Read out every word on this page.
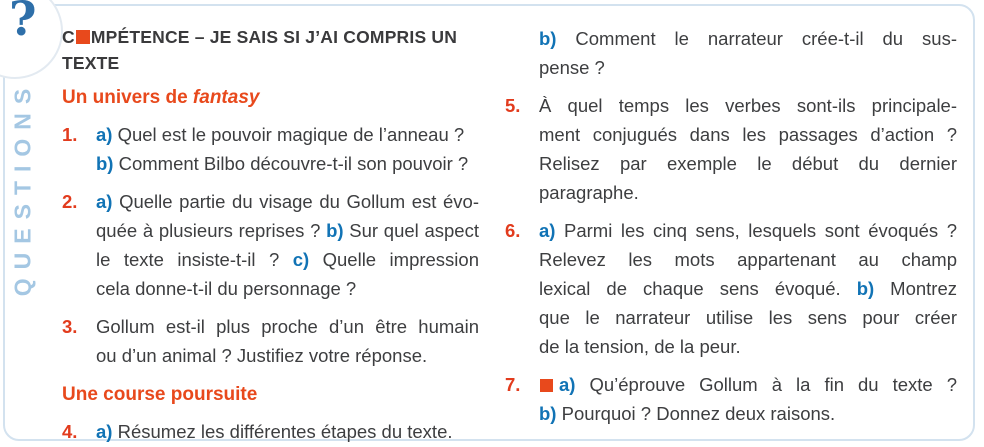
?
QUESTIONS
C MPÉTENCE – JE SAIS SI J’AI COMPRIS UN TEXTE
Un univers de fantasy
1.	a) Quel est le pouvoir magique de l’anneau ?
b) Comment Bilbo découvre-t-il son pouvoir ?
2.	a) Quelle partie du visage du Gollum est évo-
quée à plusieurs reprises ? b) Sur quel aspect
le texte insiste-t-il ? c) Quelle impression
cela donne-t-il du personnage ?
3.	Gollum est-il plus proche d’un être humain
ou d’un animal ? Justifiez votre réponse.
Une course poursuite
4.	a) Résumez les différentes étapes du texte.
b) Comment le narrateur crée-t-il du sus-
pense ?
5.	À quel temps les verbes sont-ils principale-
ment conjugués dans les passages d’action ?
Relisez par exemple le début du dernier
paragraphe.
6.	a) Parmi les cinq sens, lesquels sont évoqués ?
Relevez les mots appartenant au champ
lexical de chaque sens évoqué. b) Montrez
que le narrateur utilise les sens pour créer
de la tension, de la peur.
7.	a) Qu’éprouve Gollum à la fin du texte ?
b) Pourquoi ? Donnez deux raisons.
